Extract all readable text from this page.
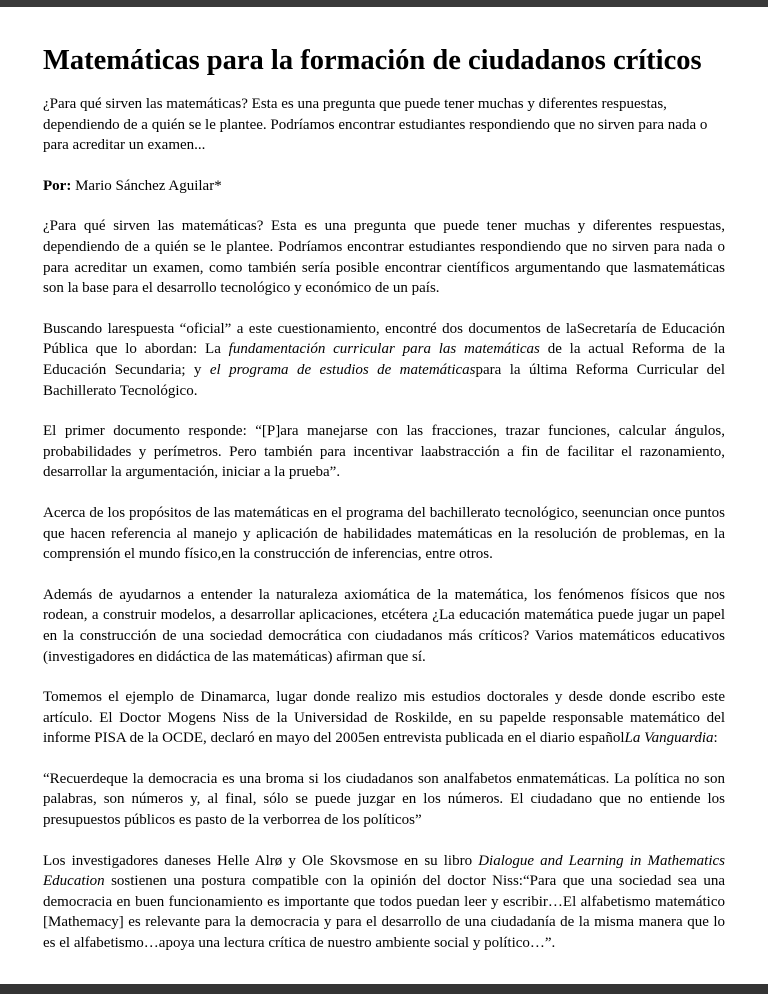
Matemáticas para la formación de ciudadanos críticos

¿Para qué sirven las matemáticas? Esta es una pregunta que puede tener muchas y diferentes respuestas, dependiendo de a quién se le plantee. Podríamos encontrar estudiantes respondiendo que no sirven para nada o para acreditar un examen...

Por: Mario Sánchez Aguilar*

¿Para qué sirven las matemáticas? Esta es una pregunta que puede tener muchas y diferentes respuestas, dependiendo de a quién se le plantee. Podríamos encontrar estudiantes respondiendo que no sirven para nada o para acreditar un examen, como también sería posible encontrar científicos argumentando que lasmatemáticas son la base para el desarrollo tecnológico y económico de un país.

Buscando larespuesta “oficial” a este cuestionamiento, encontré dos documentos de laSecretaría de Educación Pública que lo abordan: La fundamentación curricular para las matemáticas de la actual Reforma de la Educación Secundaria; y el programa de estudios de matemáticaspara la última Reforma Curricular del Bachillerato Tecnológico.

El primer documento responde: “[P]ara manejarse con las fracciones, trazar funciones, calcular ángulos, probabilidades y perímetros. Pero también para incentivar laabstracción a fin de facilitar el razonamiento, desarrollar la argumentación, iniciar a la prueba”.

Acerca de los propósitos de las matemáticas en el programa del bachillerato tecnológico, seenuncian once puntos que hacen referencia al manejo y aplicación de habilidades matemáticas en la resolución de problemas, en la comprensión el mundo físico,en la construcción de inferencias, entre otros.

Además de ayudarnos a entender la naturaleza axiomática de la matemática, los fenómenos físicos que nos rodean, a construir modelos, a desarrollar aplicaciones, etcétera ¿La educación matemática puede jugar un papel en la construcción de una sociedad democrática con ciudadanos más críticos? Varios matemáticos educativos (investigadores en didáctica de las matemáticas) afirman que sí.

Tomemos el ejemplo de Dinamarca, lugar donde realizo mis estudios doctorales y desde donde escribo este artículo. El Doctor Mogens Niss de la Universidad de Roskilde, en su papelde responsable matemático del informe PISA de la OCDE, declaró en mayo del 2005en entrevista publicada en el diario españolLa Vanguardia:

“Recuerdeque la democracia es una broma si los ciudadanos son analfabetos enmatemáticas. La política no son palabras, son números y, al final, sólo se puede juzgar en los números. El ciudadano que no entiende los presupuestos públicos es pasto de la verborrea de los políticos”

Los investigadores daneses Helle Alrø y Ole Skovsmose en su libro Dialogue and Learning in Mathematics Education sostienen una postura compatible con la opinión del doctor Niss:“Para que una sociedad sea una democracia en buen funcionamiento es importante que todos puedan leer y escribir…El alfabetismo matemático [Mathemacy] es relevante para la democracia y para el desarrollo de una ciudadanía de la misma manera que lo es el alfabetismo…apoya una lectura crítica de nuestro ambiente social y político…”.
